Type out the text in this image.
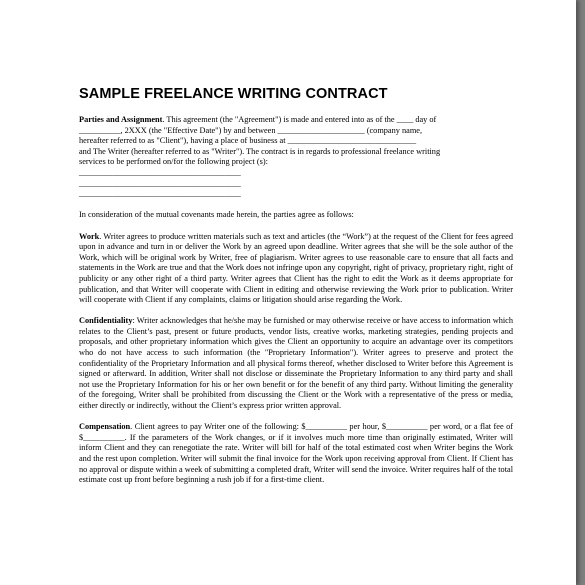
SAMPLE FREELANCE WRITING CONTRACT

Parties and Assignment. This agreement (the "Agreement") is made and entered into as of the ____ day of
__________, 2XXX (the "Effective Date") by and between _____________________ (company name,
hereafter referred to as "Client"), having a place of business at _______________________________
and The Writer (hereafter referred to as "Writer"). The contract is in regards to professional freelance writing
services to be performed on/for the following project (s):
_______________________________________
_______________________________________
_______________________________________

In consideration of the mutual covenants made herein, the parties agree as follows:

Work. Writer agrees to produce written materials such as text and articles (the “Work”) at the request of the Client for fees agreed upon in advance and turn in or deliver the Work by an agreed upon deadline. Writer agrees that she will be the sole author of the Work, which will be original work by Writer, free of plagiarism. Writer agrees to use reasonable care to ensure that all facts and statements in the Work are true and that the Work does not infringe upon any copyright, right of privacy, proprietary right, right of publicity or any other right of a third party. Writer agrees that Client has the right to edit the Work as it deems appropriate for publication, and that Writer will cooperate with Client in editing and otherwise reviewing the Work prior to publication. Writer will cooperate with Client if any complaints, claims or litigation should arise regarding the Work.

Confidentiality: Writer acknowledges that he/she may be furnished or may otherwise receive or have access to information which relates to the Client’s past, present or future products, vendor lists, creative works, marketing strategies, pending projects and proposals, and other proprietary information which gives the Client an opportunity to acquire an advantage over its competitors who do not have access to such information (the "Proprietary Information"). Writer agrees to preserve and protect the confidentiality of the Proprietary Information and all physical forms thereof, whether disclosed to Writer before this Agreement is signed or afterward. In addition, Writer shall not disclose or disseminate the Proprietary Information to any third party and shall not use the Proprietary Information for his or her own benefit or for the benefit of any third party. Without limiting the generality of the foregoing, Writer shall be prohibited from discussing the Client or the Work with a representative of the press or media, either directly or indirectly, without the Client’s express prior written approval.

Compensation. Client agrees to pay Writer one of the following: $__________ per hour, $__________ per word, or a flat fee of $__________. If the parameters of the Work changes, or if it involves much more time than originally estimated, Writer will inform Client and they can renegotiate the rate. Writer will bill for half of the total estimated cost when Writer begins the Work and the rest upon completion. Writer will submit the final invoice for the Work upon receiving approval from Client. If Client has no approval or dispute within a week of submitting a completed draft, Writer will send the invoice. Writer requires half of the total estimate cost up front before beginning a rush job if for a first-time client.
